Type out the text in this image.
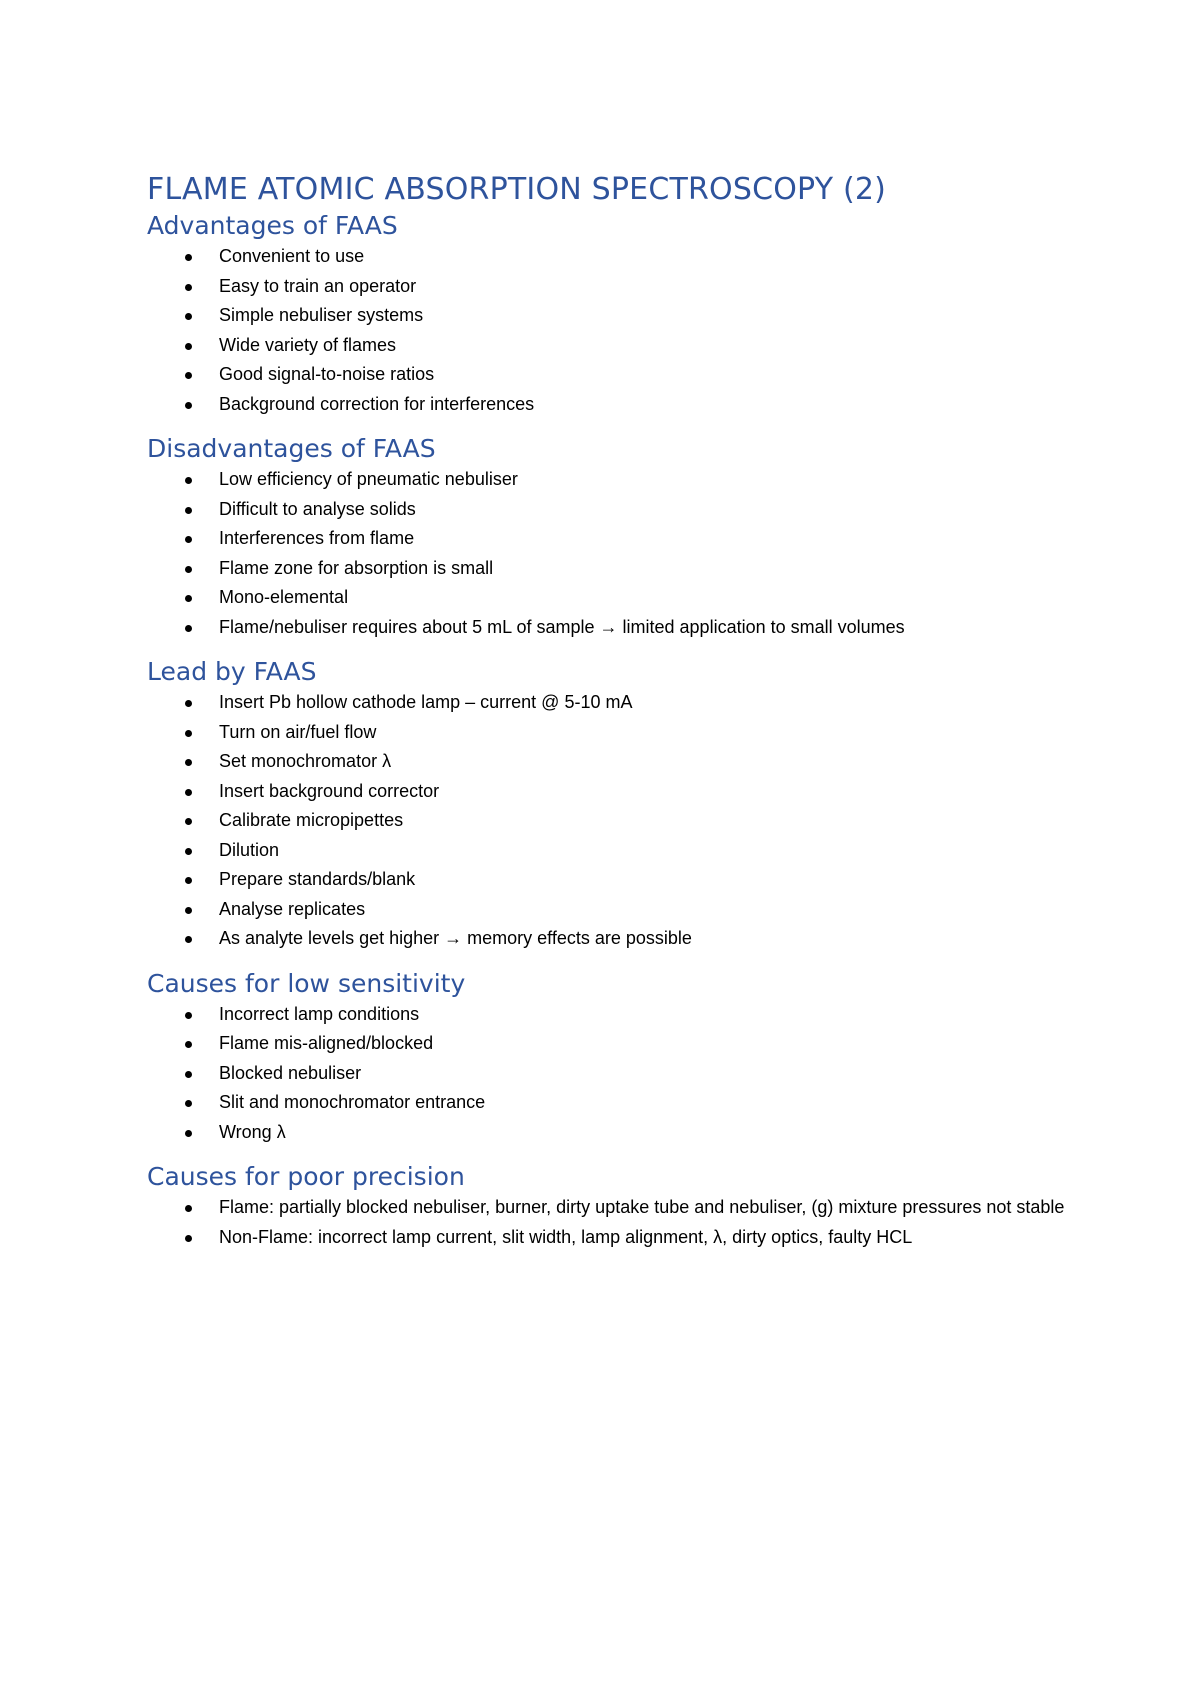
FLAME ATOMIC ABSORPTION SPECTROSCOPY (2)
Advantages of FAAS
Convenient to use
Easy to train an operator
Simple nebuliser systems
Wide variety of flames
Good signal-to-noise ratios
Background correction for interferences
Disadvantages of FAAS
Low efficiency of pneumatic nebuliser
Difficult to analyse solids
Interferences from flame
Flame zone for absorption is small
Mono-elemental
Flame/nebuliser requires about 5 mL of sample → limited application to small volumes
Lead by FAAS
Insert Pb hollow cathode lamp – current @ 5-10 mA
Turn on air/fuel flow
Set monochromator λ
Insert background corrector
Calibrate micropipettes
Dilution
Prepare standards/blank
Analyse replicates
As analyte levels get higher → memory effects are possible
Causes for low sensitivity
Incorrect lamp conditions
Flame mis-aligned/blocked
Blocked nebuliser
Slit and monochromator entrance
Wrong λ
Causes for poor precision
Flame: partially blocked nebuliser, burner, dirty uptake tube and nebuliser, (g) mixture pressures not stable
Non-Flame: incorrect lamp current, slit width, lamp alignment, λ, dirty optics, faulty HCL
